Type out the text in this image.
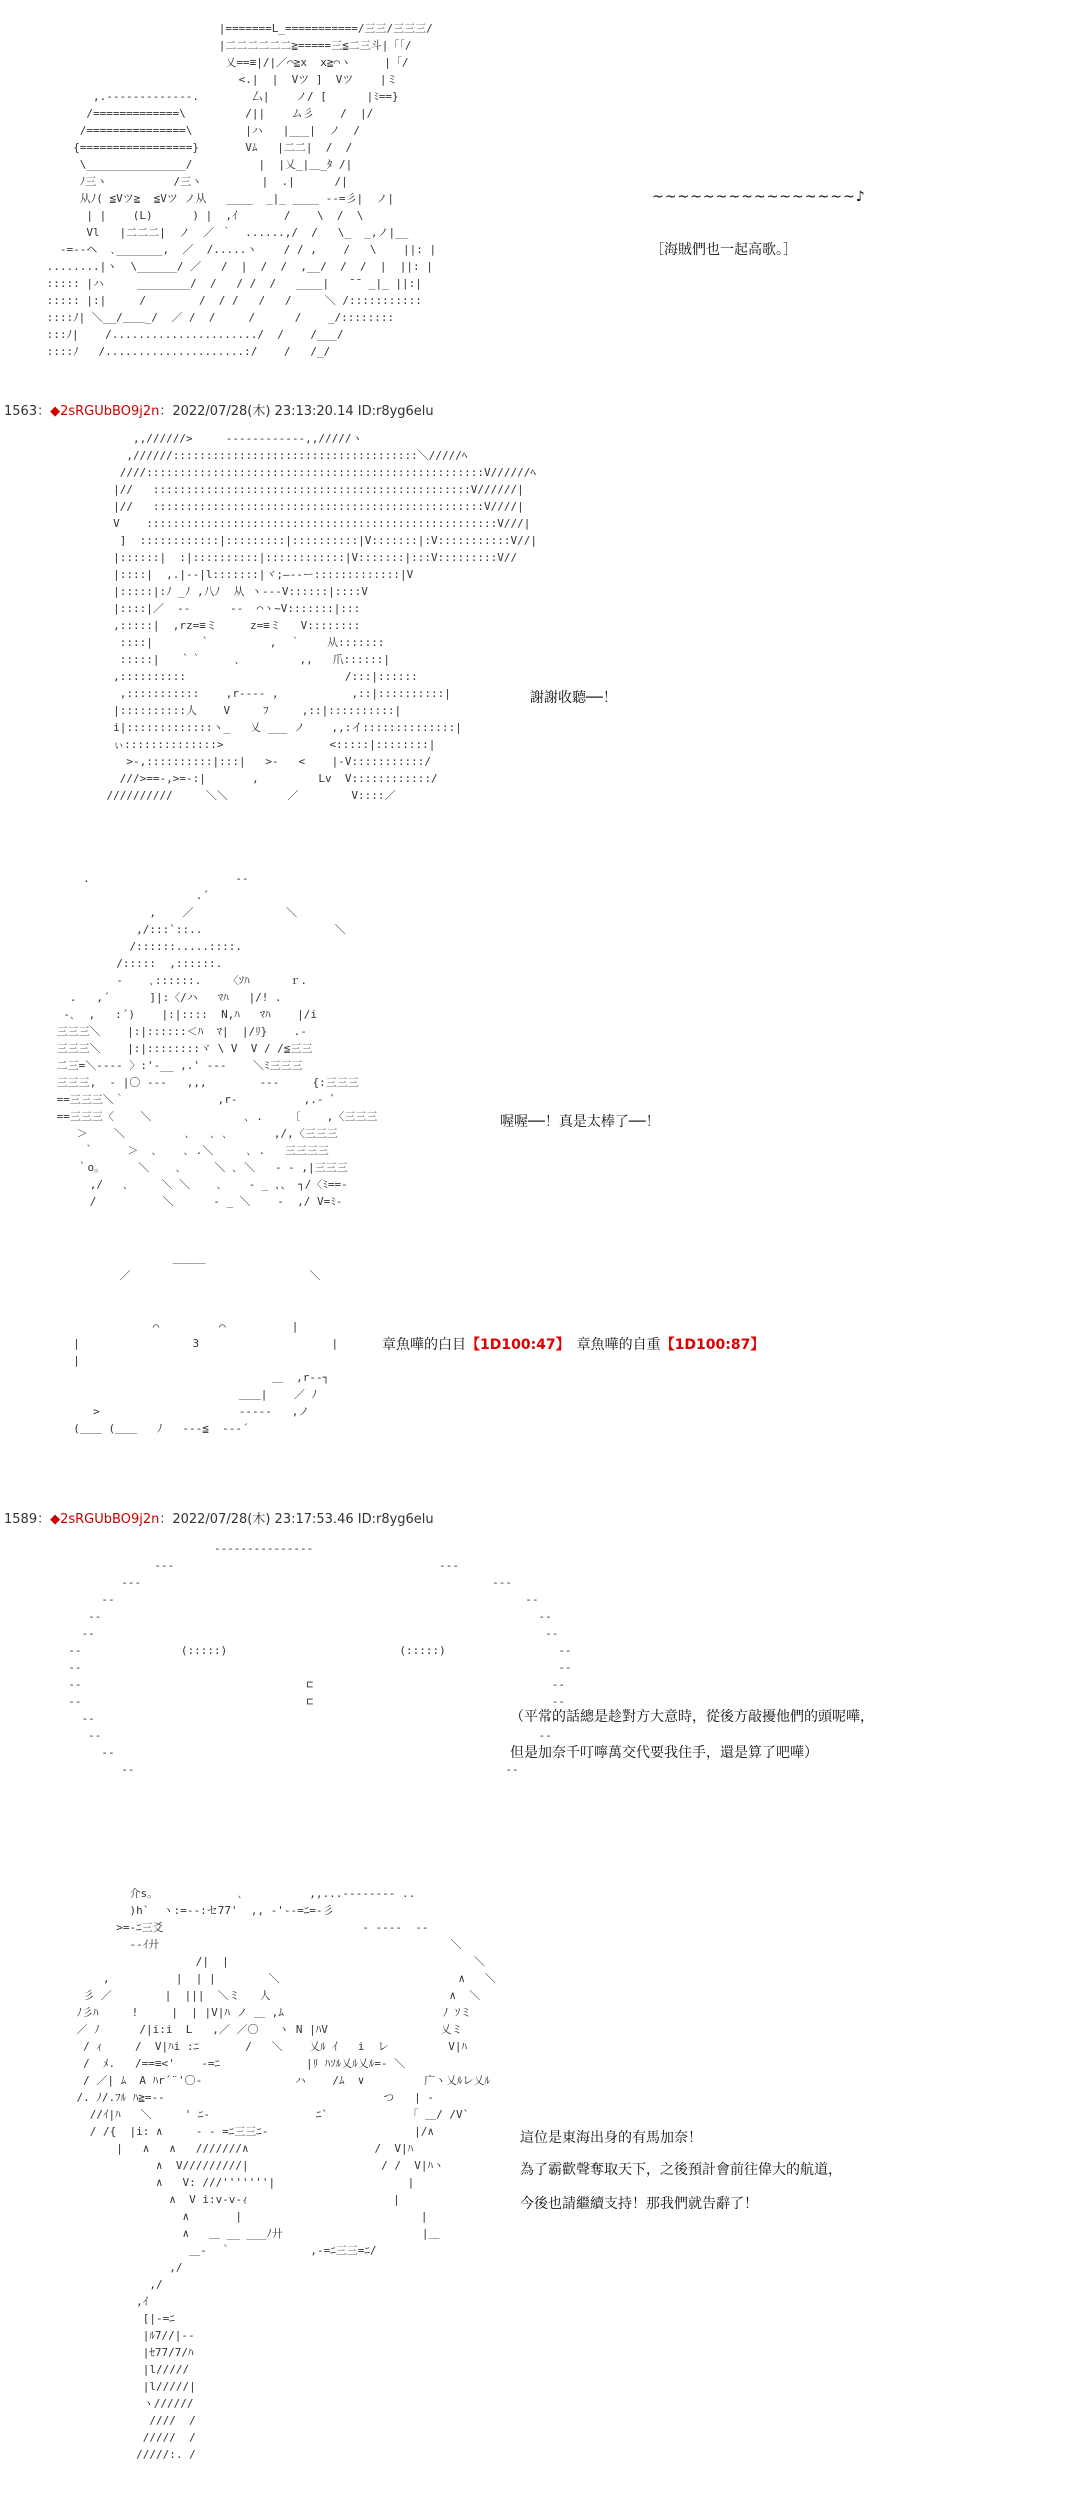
|=======L_===========/三三/三三三/
|二二二二二二≧=====三≦二三斗|「「/
乂==≡|/|／⌒≧x  x≧⌒ヽ     |「/
<.|  |  Vツ ]  Vツ    |ミ
,.--‐‐‐‐‐‐‐‐‐‐‐.        厶|    ノ/ [      |ﾐ==}
/=============\         /||    ム彡    /  |/
/===============\        |ハ   |___|  ノ  /
{=================}       Vﾑ   |二二|  /  /
\_______________/          |  |乂_|＿_ﾀ /|
ﾉ三ヽ          /三ヽ         |  .|      /|
从ﾉ( ≦Vツ≧  ≦Vツ ノ从   ____  _|_ ____ ‐-=彡|  ノ|
| |    (L)      ) |  ,ｲ       /    \  /  \
Vl   |二二二|  ノ  ／ ｀  ......,/  /   \_  _,ノ|__
-=‐‐ヘ  ､_______,  ／  /.....ヽ    / / ,    /   \    ||: |
........|ヽ  \______/ ／   /  |  /  /  ,__/  /  /  |  ||: |
::::: |ハ     ________/  /   / /  /   ____|   ̄ ̄  _|_ ||:|
::::: |:|     /        /  / /   /   /     ＼ /:::::::::::
::::ﾉ| ＼__/＿＿_/  ／ /  /     /      /    _/::::::::
:::ﾉ|    /....................../  /    /___/
::::ﾉ   /.....................:/    /   /_/
~~~~~~~~~~~~~~~~♪
［海賊們也一起高歌。］
1563：◆2sRGUbBO9j2n：2022/07/28(木) 23:13:20.14 ID:r8yg6elu
,,//////>     ‐‐‐‐‐‐‐‐‐‐‐‐,,/////ヽ
,//////:::::::::::::::::::::::::::::::::::::＼/////ﾍ
////:::::::::::::::::::::::::::::::::::::::::::::::::::V//////ﾍ
|//   ::::::::::::::::::::::::::::::::::::::::::::::::V//////|
|//   ::::::::::::::::::::::::::::::::::::::::::::::::::V////|
V    :::::::::::::::::::::::::::::::::::::::::::::::::::::V///|
]  ::::::::::::|:::::::::|::::::::::|V:::::::|:V:::::::::::V//|
|::::::|  :|::::::::::|::::::::::::|V:::::::|:::V:::::::::V//
|::::|  ,.|‐‐|l:::::::|ヾ;―‐‐ー:::::::::::::|V
|:::::|:ﾉ _ﾉ ,八ﾉ  从 ヽ‐‐‐V::::::|::::V
|::::|／  ‐-      ‐-  ⌒ヽ~V:::::::|:::
,:::::|  ,rz=≡ミ     z=≡ミ   V::::::::
::::|       ｀         ,  ｀    从:::::::
:::::|   ｀｀     ､         ,,   爪::::::|
,::::::::::                        /:::|::::::
,:::::::::::    ,r‐‐‐- ,           ,::|::::::::::|
|::::::::::人    V     ﾌ     ,::|::::::::::|
i|:::::::::::::ヽ_   乂 ___ ノ    ,,:イ::::::::::::::|
ぃ::::::::::::::>                <:::::|::::::::|
>-,::::::::::|:::|   >-   <    |-V:::::::::::/
///>==-,>=-:|       ,         Lv  V::::::::::::/
//////////     ＼＼         ／        V::::／
謝謝收聽──！
.                      ‐‐
.´
,    ／              ＼
,/:::`::..                    ＼
/::::::.....::::.
/:::::  ,::::::.
‐    ､::::::.    〈ｿﾊ      ｒ.
.   ,´      ]|:〈/ハ   ﾏﾊ   |/! .
‐､  ,   :´)    |:|::::  N,ﾊ   ﾏﾊ    |/i
三三三＼    |:|::::::＜ﾊ  ﾏ|  |/ﾘ}    .‐
三三三＼    |:|::::::::ヾ \ V  V / /≦三三
二三=＼‐‐‐‐ 〉:'‐__ ,.' ‐‐‐    ＼ﾐ三三三
三三三,  ‐ |〇 ‐‐‐   ,,,        ‐‐‐     {:三三三
==三三三＼｀              ,r‐          ,.‐ ﾞ
==三三三〈    ＼              ､ .    〔    ,〈三三三
＞    ＼         ､   ､ ､       ,/,〈三三三
｀     ＞  ､    ､ .＼     ､ .   三三三三
｀o。     ＼    ､     ＼ ､ ＼   ‐ ‐ ,|三三三
,/   ､     ＼ ＼    ､    ‐ _ 、、 ┐/〈ﾐ==‐
/          ＼      ‐ _ ＼    ‐  ,/ V=ﾐ‐
喔喔──！真是太棒了──！
＿＿＿
／                           ＼

⌒         ⌒          |
|                 3                    |
|
＿  ,r‐‐┐
＿＿|    ／ ﾉ
>                     ‐‐‐‐‐   ,ノ
(＿＿ (＿＿   ﾉ   ‐‐‐≦  ‐‐‐´
章魚嘩的白目【1D100:47】　章魚嘩的自重【1D100:87】
1589：◆2sRGUbBO9j2n：2022/07/28(木) 23:17:53.46 ID:r8yg6elu
‐‐‐‐‐‐‐‐‐‐‐‐‐‐‐
‐‐‐                                        ‐‐‐
‐‐‐                                                     ‐‐‐
‐‐                                                              ‐‐
‐‐                                                                  ‐‐
‐‐                                                                    ‐‐
‐‐               (:::::)                          (:::::)                 ‐‐
‐‐                                                                        ‐‐
‐‐                                  ⊏                                    ‐‐
‐‐                                  ⊏                                    ‐‐
‐‐                                                                    ‐‐
‐‐                                                                  ‐‐
‐‐                                                              ‐‐
‐‐                                                        ‐‐
（平常的話總是趁對方大意時，從後方敲擾他們的頭呢嘩，
但是加奈千叮嚀萬交代要我住手，還是算了吧嘩）
介s。            ､          ,,...‐‐‐‐‐‐‐‐ ..
)h`  ヽ:=‐‐:セ77'  ,, ‐'‐‐=ﾆ=‐彡
>=‐ﾆ三爻                              ‐ -‐‐-  ‐‐
‐‐ｲ廾                                            ＼
/|  |                                     ＼
,          |  | |        ＼                           ∧   ＼
彡 ／        |  |||  ＼ミ   人                           ∧  ＼
ﾉ彡ﾊ     !     |  | |V|ﾊ ノ ＿ ,ﾑ                        ﾉ ｿミ
／ ﾉ      /|i:i  L   ,／ ／〇   ヽ N |ﾊV                 乂ミ
/ ｨ     /  V|ﾊi :ﾆ       /   ＼    乂ﾙ ｲ   i  レ         V|ﾊ
/  ﾒ.   /==≡<'    ‐=ﾆ             |ﾘ ﾊｿﾙ乂ﾙ乂ﾙ=‐ ＼
/ ／| ﾑ  A ﾊr´¨'〇‐              ハ    /ﾑ  ∨         广ヽ乂ﾙレ乂ﾙ
/. ﾉ/.ﾌﾙ ﾊ≧=‐‐                                 つ   | ‐
//ｲ|ﾊ   ＼     ' ﾆ‐                ﾆ`            「 ＿/ /V`
/ /{  |i: ∧     ‐ ‐ =ﾆ三三ﾆ‐                      |/∧
|   ∧   ∧   ///////∧                   /  V|ﾊ
∧  V/////////|                    / /  V|ﾊヽ
∧   V: ///'''''''|                    |
∧  V i:v‐v‐ｨ                      |
∧       |                           |
∧   ＿ __ ___ﾉ廾                     |＿
＿‐  ｀            ,‐=ﾆ三三=ﾆ/
,/
,/
,ｲ
[|‐=ﾆ
|ﾙ7//|‐‐
|ｾ77/7/ﾊ
|l/////
|l/////|
ヽ//////
////  /
/////  /
/////:. /
這位是東海出身的有馬加奈！
為了霸歡聲奪取天下，之後預計會前往偉大的航道，
今後也請繼續支持！那我們就告辭了！
